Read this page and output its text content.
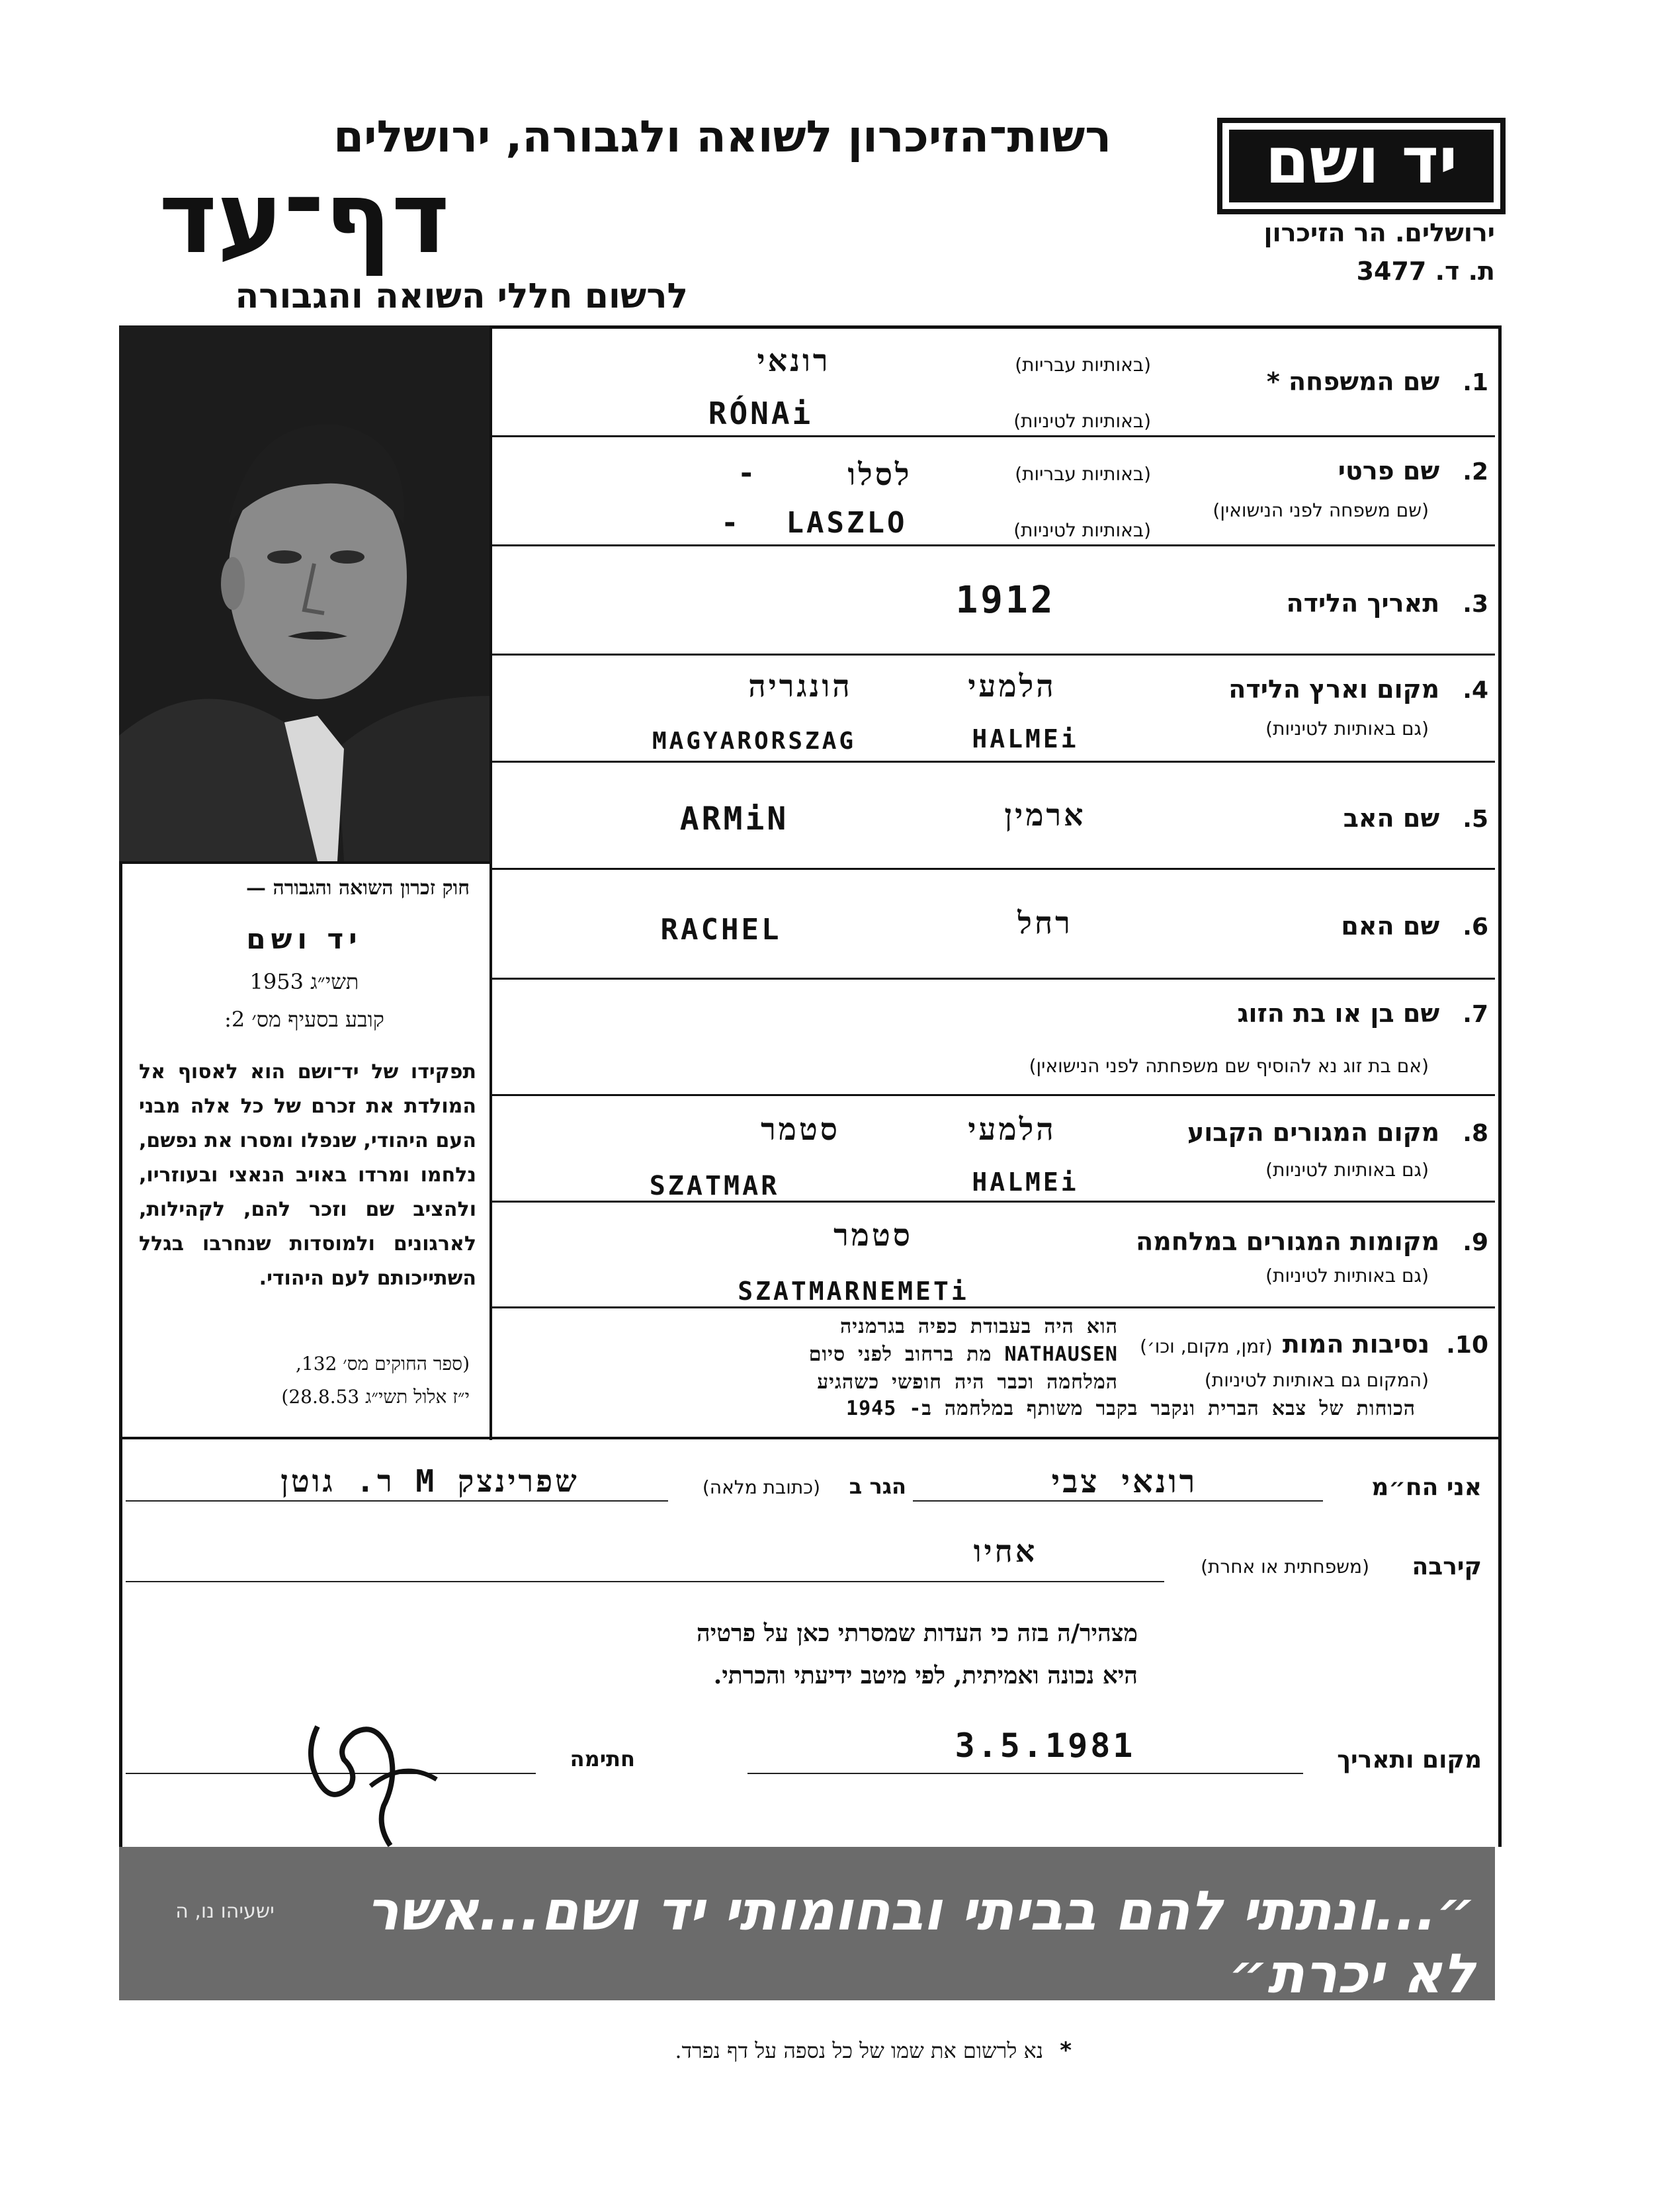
רשות־הזיכרון לשואה ולגבורה, ירושלים
דף־עד
לרשום חללי השואה והגבורה
יד ושם
ירושלים. הר הזיכרון
ת. ד. 3477
חוק זכרון השואה והגבורה —
יד ושם
תשי״ג 1953
קובע בסעיף מס׳ 2:
תפקידו של יד־ושם הוא לאסוף אל המולדת את זכרם של כל אלה מבני העם היהודי, שנפלו ומסרו את נפשם, נלחמו ומרדו באויב הנאצי ובעוזריו, ולהציב שם וזכר להם, לקהילות, לארגונים ולמוסדות שנחרבו בגלל השתייכותם לעם היהודי.
(ספר החוקים מס׳ 132,
י״ז אלול תשי״ג 28.8.53)
1. שם המשפחה *
(באותיות עבריות)
(באותיות לטיניות)
רונאי
RÓNAi
2. שם פרטי
(שם משפחה לפני הנישואין)
(באותיות עבריות)
(באותיות לטיניות)
לסלו
-
LASZLO
-
3. תאריך הלידה
1912
4. מקום וארץ הלידה
(גם באותיות לטיניות)
הלמעי
הונגריה
HALMEi
MAGYARORSZAG
5. שם האב
ארמין
ARMiN
6. שם האם
רחל
RACHEL
7. שם בן או בת הזוג
(אם בת זוג נא להוסיף שם משפחתה לפני הנישואין)
8. מקום המגורים הקבוע
(גם באותיות לטיניות)
הלמעי
סטמר
HALMEi
SZATMAR
9. מקומות המגורים במלחמה
(גם באותיות לטיניות)
סטמר
SZATMARNEMETi
10. נסיבות המות (זמן, מקום, וכו׳)
(המקום גם באותיות לטיניות)
הוא היה בעבודת כפיה בגרמניה
NATHAUSEN מת ברחוב לפני סיום
המלחמה וכבר היה חופשי כשהגיע
הכוחות של צבא הברית ונקבר בקבר משותף במלחמה ב- 1945
אני הח״מ
רונאי צבי
הגר ב
(כתובת מלאה)
שפרינצק M ר. גוטן
קירבה
(משפחתית או אחרת)
אחיו
מצהיר/ה בזה כי העדות שמסרתי כאן על פרטיה
היא נכונה ואמיתית, לפי מיטב ידיעתי והכרתי.
מקום ותאריך
3.5.1981
חתימה
״...ונתתי להם בביתי ובחומותי יד ושם...אשר לא יכרת״
ישעיהו נו, ה
* נא לרשום את שמו של כל נספה על דף נפרד.
